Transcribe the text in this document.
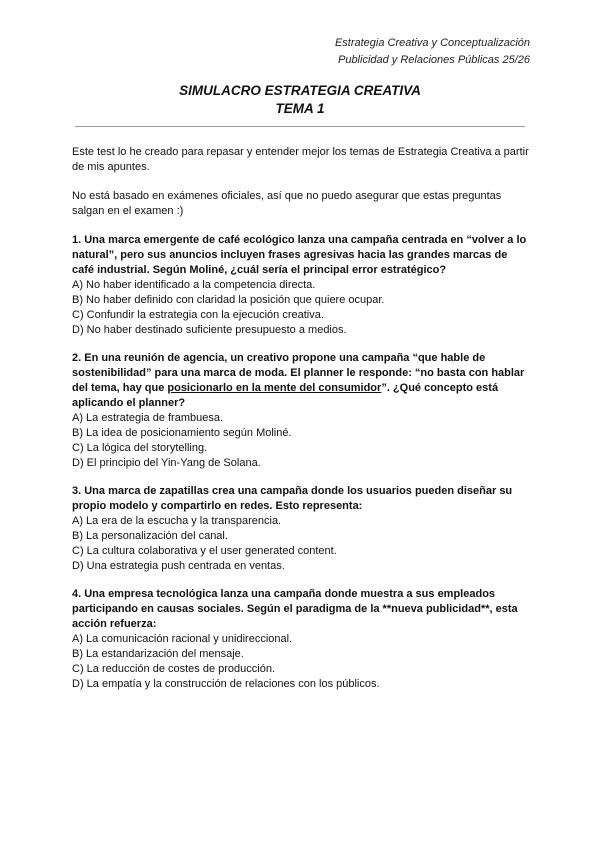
Estrategia Creativa y Conceptualización
Publicidad y Relaciones Públicas 25/26
SIMULACRO ESTRATEGIA CREATIVA
TEMA 1

Este test lo he creado para repasar y entender mejor los temas de Estrategia Creativa a partir de mis apuntes.

No está basado en exámenes oficiales, así que no puedo asegurar que estas preguntas salgan en el examen :)

1. Una marca emergente de café ecológico lanza una campaña centrada en “volver a lo natural”, pero sus anuncios incluyen frases agresivas hacia las grandes marcas de café industrial. Según Moliné, ¿cuál sería el principal error estratégico?

A) No haber identificado a la competencia directa.

B) No haber definido con claridad la posición que quiere ocupar.

C) Confundir la estrategia con la ejecución creativa.

D) No haber destinado suficiente presupuesto a medios.

2. En una reunión de agencia, un creativo propone una campaña “que hable de sostenibilidad” para una marca de moda. El planner le responde: “no basta con hablar del tema, hay que posicionarlo en la mente del consumidor”. ¿Qué concepto está aplicando el planner?

A) La estrategia de frambuesa.

B) La idea de posicionamiento según Moliné.

C) La lógica del storytelling.

D) El principio del Yin-Yang de Solana.

3. Una marca de zapatillas crea una campaña donde los usuarios pueden diseñar su propio modelo y compartirlo en redes. Esto representa:

A) La era de la escucha y la transparencia.

B) La personalización del canal.

C) La cultura colaborativa y el user generated content.

D) Una estrategia push centrada en ventas.

4. Una empresa tecnológica lanza una campaña donde muestra a sus empleados participando en causas sociales. Según el paradigma de la **nueva publicidad**, esta acción refuerza:

A) La comunicación racional y unidireccional.

B) La estandarización del mensaje.

C) La reducción de costes de producción.

D) La empatía y la construcción de relaciones con los públicos.
